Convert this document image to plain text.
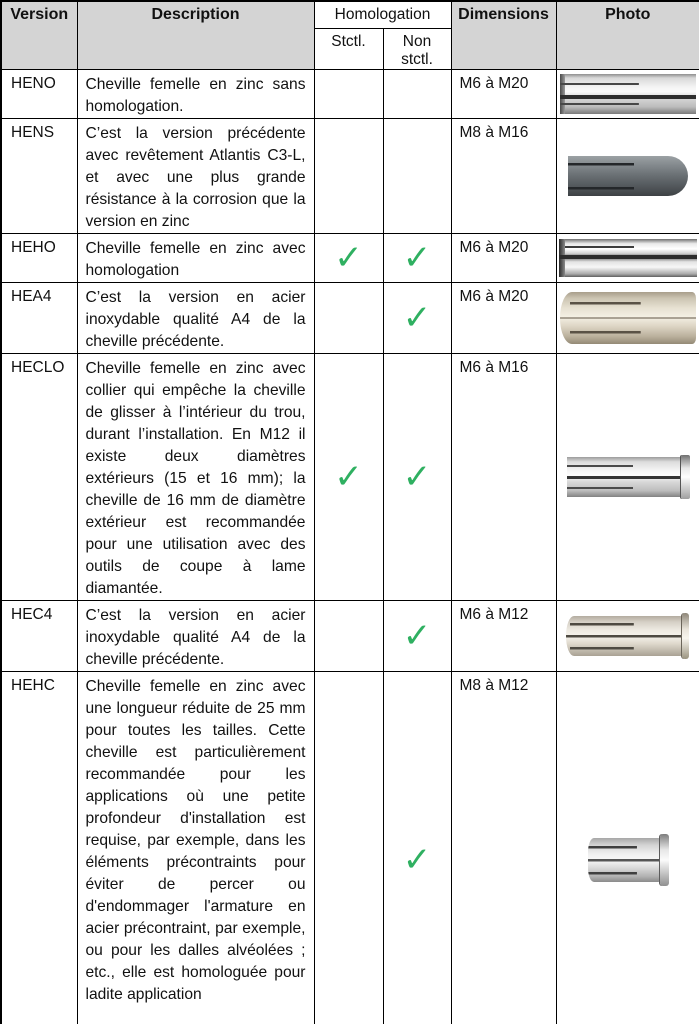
Version	Description	Homologation		Dimensions	Photo
		Stctl.	Non stctl.		
HENO	Cheville femelle en zinc sans homologation.			M6 à M20	

HENS	C’est la version précédente avec revêtement Atlantis C3-L, et avec une plus grande résistance à la corrosion que la version en zinc			M8 à M16	

HEHO	Cheville femelle en zinc avec homologation	✓	✓	M6 à M20	

HEA4	C’est la version en acier inoxydable qualité A4 de la cheville précédente.		✓	M6 à M20	

HECLO	Cheville femelle en zinc avec collier qui empêche la cheville de glisser à l’intérieur du trou, durant l’installation. En M12 il existe deux diamètres extérieurs (15 et 16 mm); la cheville de 16 mm de diamètre extérieur est recommandée pour une utilisation avec des outils de coupe à lame diamantée.	✓	✓	M6 à M16	

HEC4	C’est la version en acier inoxydable qualité A4 de la cheville précédente.		✓	M6 à M12	

HEHC	Cheville femelle en zinc avec une longueur réduite de 25 mm pour toutes les tailles. Cette cheville est particulièrement recommandée pour les applications où une petite profondeur d'installation est requise, par exemple, dans les éléments précontraints pour éviter de percer ou d'endommager l'armature en acier précontraint, par exemple, ou pour les dalles alvéolées ; etc., elle est homologuée pour ladite application		✓	M8 à M12	
